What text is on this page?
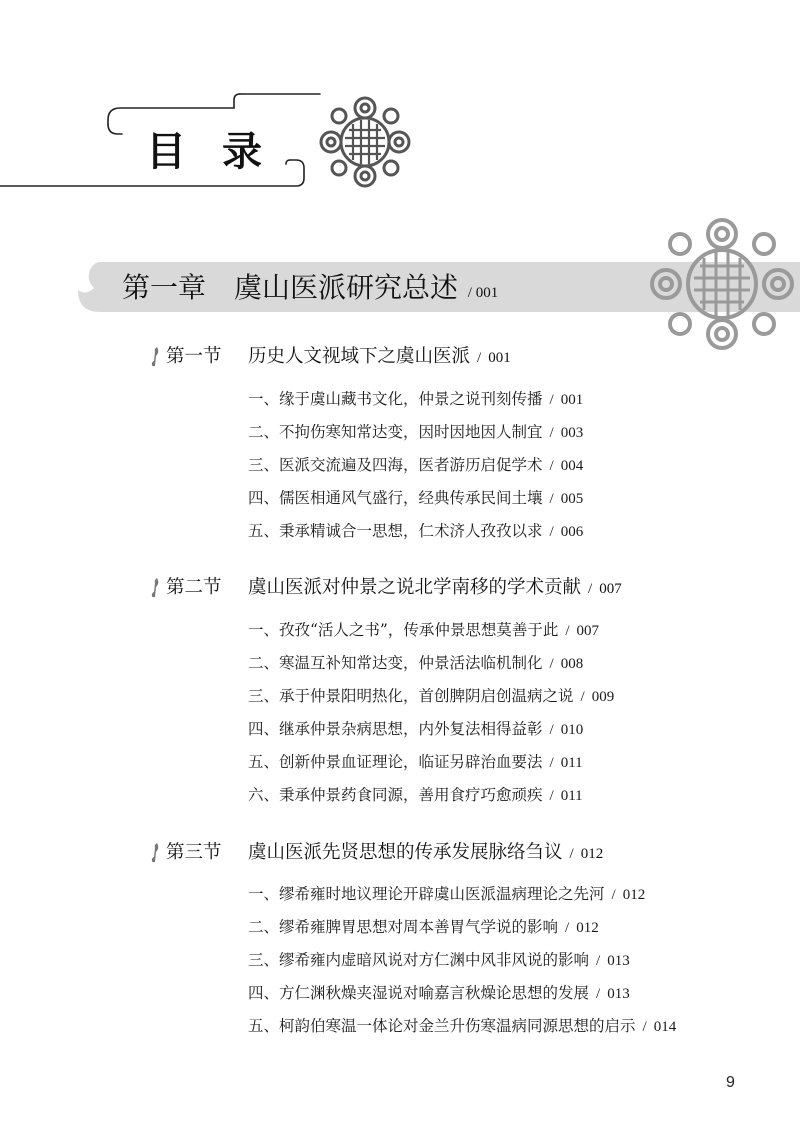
目录
第一章 虞山医派研究总述 / 001
第一节 历史人文视域下之虞山医派 / 001
一、缘于虞山藏书文化，仲景之说刊刻传播 / 001
二、不拘伤寒知常达变，因时因地因人制宜 / 003
三、医派交流遍及四海，医者游历启促学术 / 004
四、儒医相通风气盛行，经典传承民间土壤 / 005
五、秉承精诚合一思想，仁术济人孜孜以求 / 006
第二节 虞山医派对仲景之说北学南移的学术贡献 / 007
一、孜孜“活人之书”，传承仲景思想莫善于此 / 007
二、寒温互补知常达变，仲景活法临机制化 / 008
三、承于仲景阳明热化，首创脾阴启创温病之说 / 009
四、继承仲景杂病思想，内外复法相得益彰 / 010
五、创新仲景血证理论，临证另辟治血要法 / 011
六、秉承仲景药食同源，善用食疗巧愈顽疾 / 011
第三节 虞山医派先贤思想的传承发展脉络刍议 / 012
一、缪希雍时地议理论开辟虞山医派温病理论之先河 / 012
二、缪希雍脾胃思想对周本善胃气学说的影响 / 012
三、缪希雍内虚暗风说对方仁渊中风非风说的影响 / 013
四、方仁渊秋燥夹湿说对喻嘉言秋燥论思想的发展 / 013
五、柯韵伯寒温一体论对金兰升伤寒温病同源思想的启示 / 014
9
